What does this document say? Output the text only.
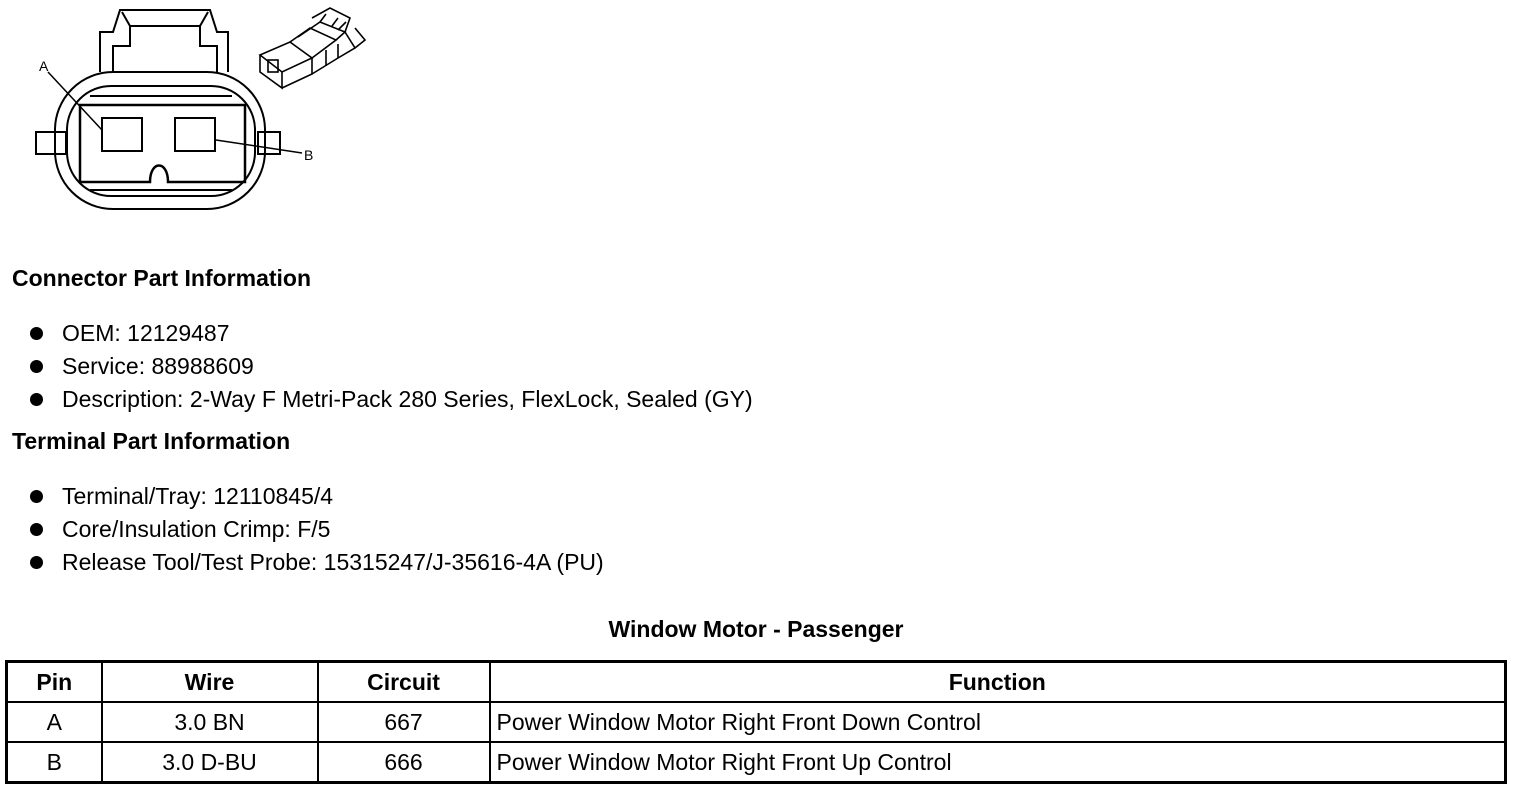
A
B
Connector Part Information
OEM: 12129487
Service: 88988609
Description: 2-Way F Metri-Pack 280 Series, FlexLock, Sealed (GY)
Terminal Part Information
Terminal/Tray: 12110845/4
Core/Insulation Crimp: F/5
Release Tool/Test Probe: 15315247/J-35616-4A (PU)
Window Motor - Passenger
Pin	Wire	Circuit	Function
A	3.0 BN	667	Power Window Motor Right Front Down Control
B	3.0 D-BU	666	Power Window Motor Right Front Up Control
